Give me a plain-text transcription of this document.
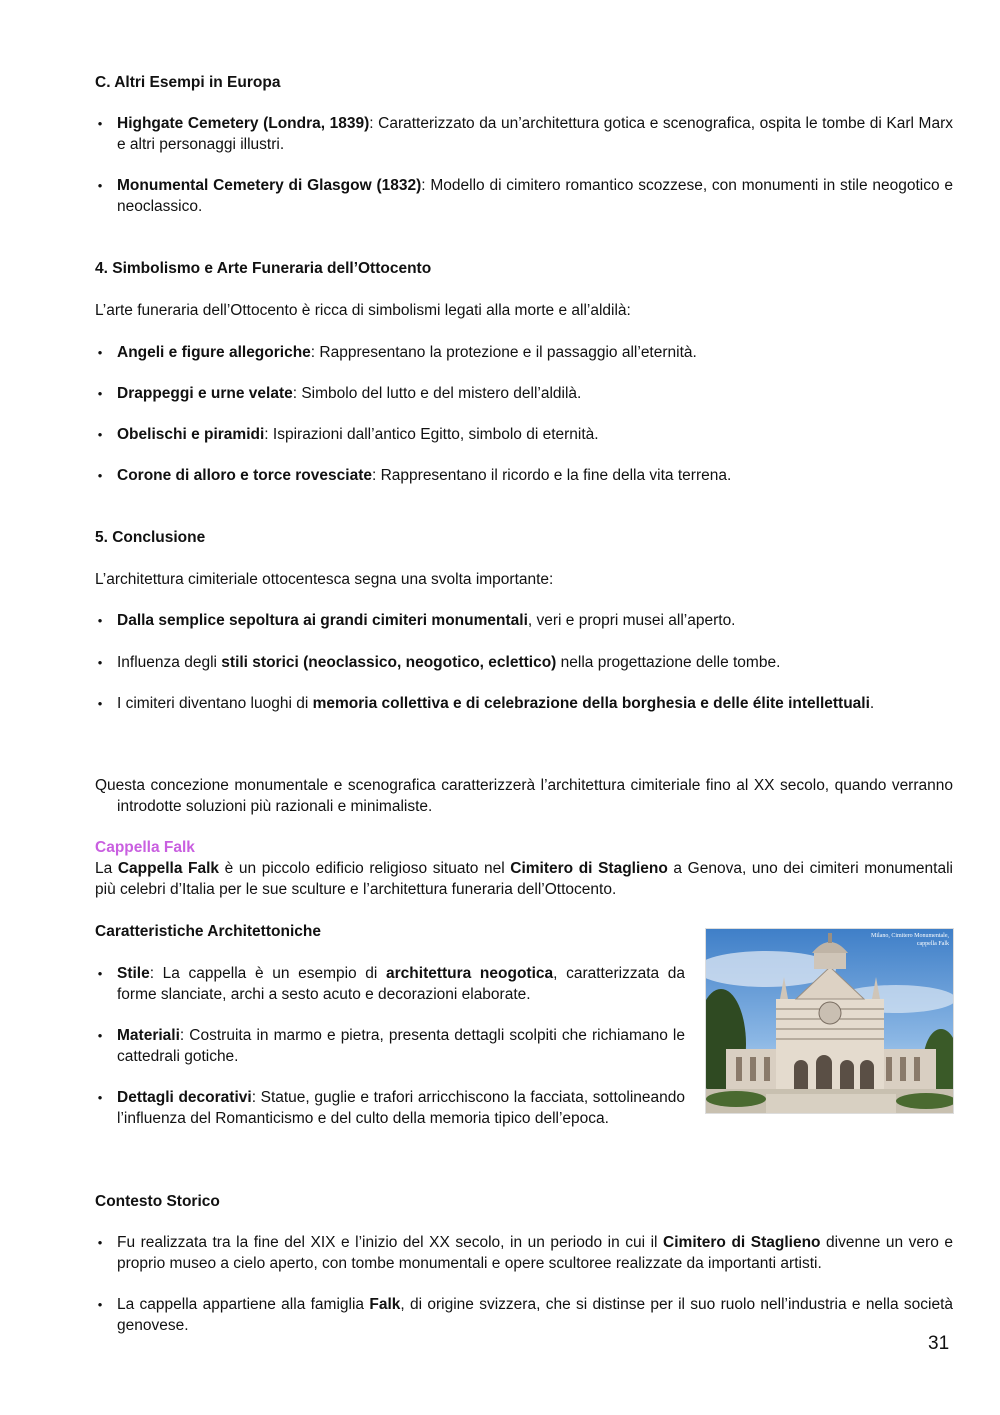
C. Altri Esempi in Europa

• Highgate Cemetery (Londra, 1839): Caratterizzato da un’architettura gotica e scenografica, ospita le tombe di Karl Marx e altri personaggi illustri.
• Monumental Cemetery di Glasgow (1832): Modello di cimitero romantico scozzese, con monumenti in stile neogotico e neoclassico.

4. Simbolismo e Arte Funeraria dell’Ottocento

L’arte funeraria dell’Ottocento è ricca di simbolismi legati alla morte e all’aldilà:

• Angeli e figure allegoriche: Rappresentano la protezione e il passaggio all’eternità.
• Drappeggi e urne velate: Simbolo del lutto e del mistero dell’aldilà.
• Obelischi e piramidi: Ispirazioni dall’antico Egitto, simbolo di eternità.
• Corone di alloro e torce rovesciate: Rappresentano il ricordo e la fine della vita terrena.

5. Conclusione

L’architettura cimiteriale ottocentesca segna una svolta importante:

• Dalla semplice sepoltura ai grandi cimiteri monumentali, veri e propri musei all’aperto.
• Influenza degli stili storici (neoclassico, neogotico, eclettico) nella progettazione delle tombe.
• I cimiteri diventano luoghi di memoria collettiva e di celebrazione della borghesia e delle élite intellettuali.

Questa concezione monumentale e scenografica caratterizzerà l’architettura cimiteriale fino al XX secolo, quando verranno introdotte soluzioni più razionali e minimaliste.

Cappella Falk

La Cappella Falk è un piccolo edificio religioso situato nel Cimitero di Staglieno a Genova, uno dei cimiteri monumentali più celebri d’Italia per le sue sculture e l’architettura funeraria dell’Ottocento.

Caratteristiche Architettoniche

• Stile: La cappella è un esempio di architettura neogotica, caratterizzata da forme slanciate, archi a sesto acuto e decorazioni elaborate.
• Materiali: Costruita in marmo e pietra, presenta dettagli scolpiti che richiamano le cattedrali gotiche.
• Dettagli decorativi: Statue, guglie e trafori arricchiscono la facciata, sottolineando l’influenza del Romanticismo e del culto della memoria tipico dell’epoca.
Milano, Cimitero Monumentale,
cappella Falk

Contesto Storico

• Fu realizzata tra la fine del XIX e l’inizio del XX secolo, in un periodo in cui il Cimitero di Staglieno divenne un vero e proprio museo a cielo aperto, con tombe monumentali e opere scultoree realizzate da importanti artisti.
• La cappella appartiene alla famiglia Falk, di origine svizzera, che si distinse per il suo ruolo nell’industria e nella società genovese.
31
